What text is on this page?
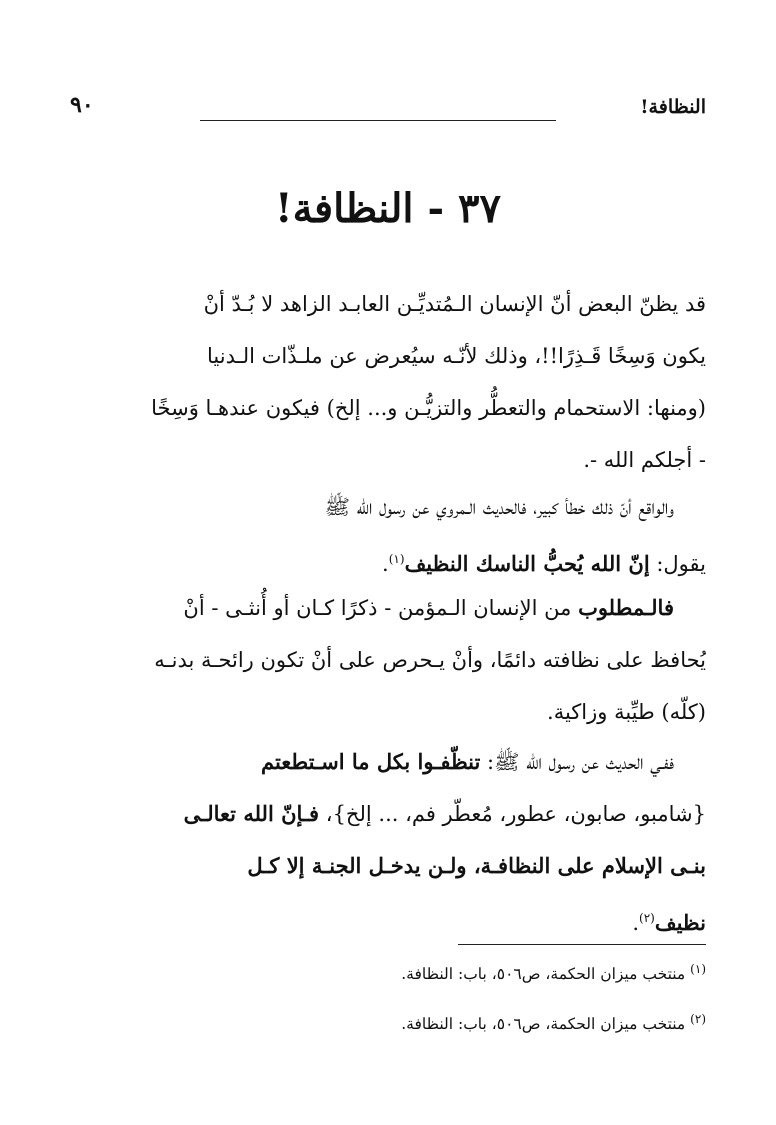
النظافة!
٩٠
٣٧ - النظافة!
قد يظنّ البعض أنّ الإنسان الـمُتديِّـن العابـد الزاهد لا بُـدّ أنْ
يكون وَسِخًا قَـذِرًا!!، وذلك لأنّـه سيُعرض عن ملـذّات الـدنيا
(ومنها: الاستحمام والتعطُّر والتزيُّـن و... إلخ) فيكون عندهـا وَسِخًا
- أجلكم الله -.
والواقع أنّ ذلك خطأ كبير، فالحديث الـمروي عن رسول الله ﷺ
يقول: إنّ الله يُحبُّ الناسك النظيف$^{(١)}$.
فالـمطلوب من الإنسان الـمؤمن - ذكرًا كـان أو أُنثـى - أنْ
يُحافظ على نظافته دائمًا، وأنْ يـحرص على أنْ تكون رائحـة بدنـه
(كلّه) طيِّبة وزاكية.
ففـي الحديث عن رسول الله ﷺ: تنظّفـوا بكل ما اسـتطعتم
{شامبو، صابون، عطور، مُعطّر فم، ... إلخ}، فـإنّ الله تعالـى
بنـى الإسلام على النظافـة، ولـن يدخـل الجنـة إلا كـل
نظيف$^{(٢)}$.
$^{(١)}$ منتخب ميزان الحكمة، ص٥٠٦، باب: النظافة.
$^{(٢)}$ منتخب ميزان الحكمة، ص٥٠٦، باب: النظافة.
